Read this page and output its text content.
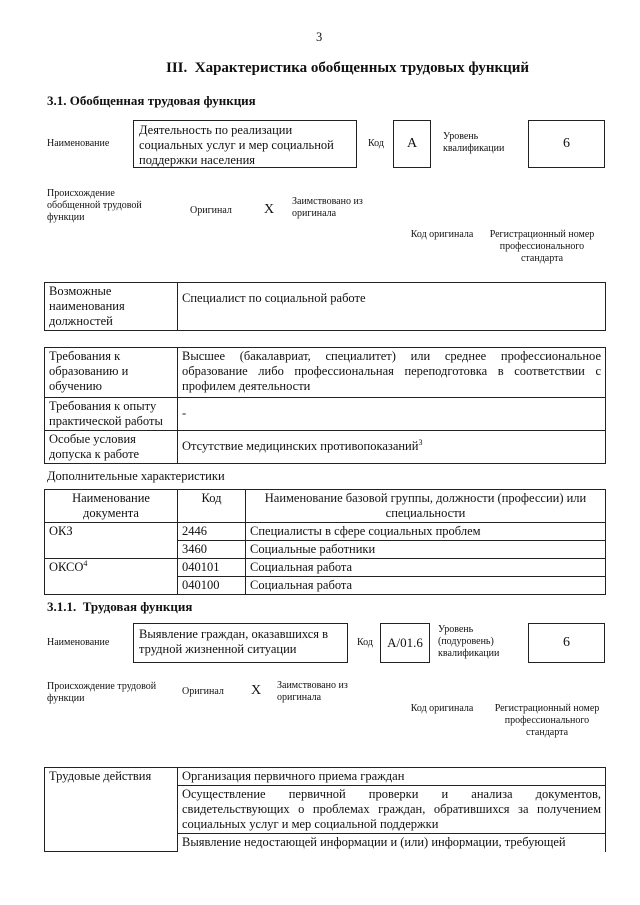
3
III.  Характеристика обобщенных трудовых функций
3.1. Обобщенная трудовая функция
Наименование
Деятельность по реализации социальных услуг и мер социальной поддержки населения
Код	A	Уровень квалификации	6
Происхождение обобщенной трудовой функции
Оригинал X
Заимствовано из оригинала
Код оригинала	Регистрационный номер профессионального стандарта
Возможные наименования должностей	Специалист по социальной работе
Требования к образованию и обучению	Высшее (бакалавриат, специалитет) или среднее профессиональное образование либо профессиональная переподготовка в соответствии с профилем деятельности
Требования к опыту практической работы	-
Особые условия допуска к работе	Отсутствие медицинских противопоказаний$^3$
Дополнительные характеристики
Наименование документа	Код	Наименование базовой группы, должности (профессии) или специальности
ОКЗ	2446	Специалисты в сфере социальных проблем
	3460	Социальные работники
ОКСО$^4$	040101	Социальная работа
	040100	Социальная работа
3.1.1.  Трудовая функция
Наименование
Выявление граждан, оказавшихся в трудной жизненной ситуации	Код	A/01.6
Уровень (подуровень) квалификации
6
Происхождение трудовой функции
Оригинал X Заимствовано из оригинала
Код оригинала Регистрационный номер профессионального стандарта
Трудовые действия	Организация первичного приема граждан
Осуществление первичной проверки и анализа документов, свидетельствующих о проблемах граждан, обратившихся за получением социальных услуг и мер социальной поддержки
Выявление недостающей информации и (или) информации, требующей
